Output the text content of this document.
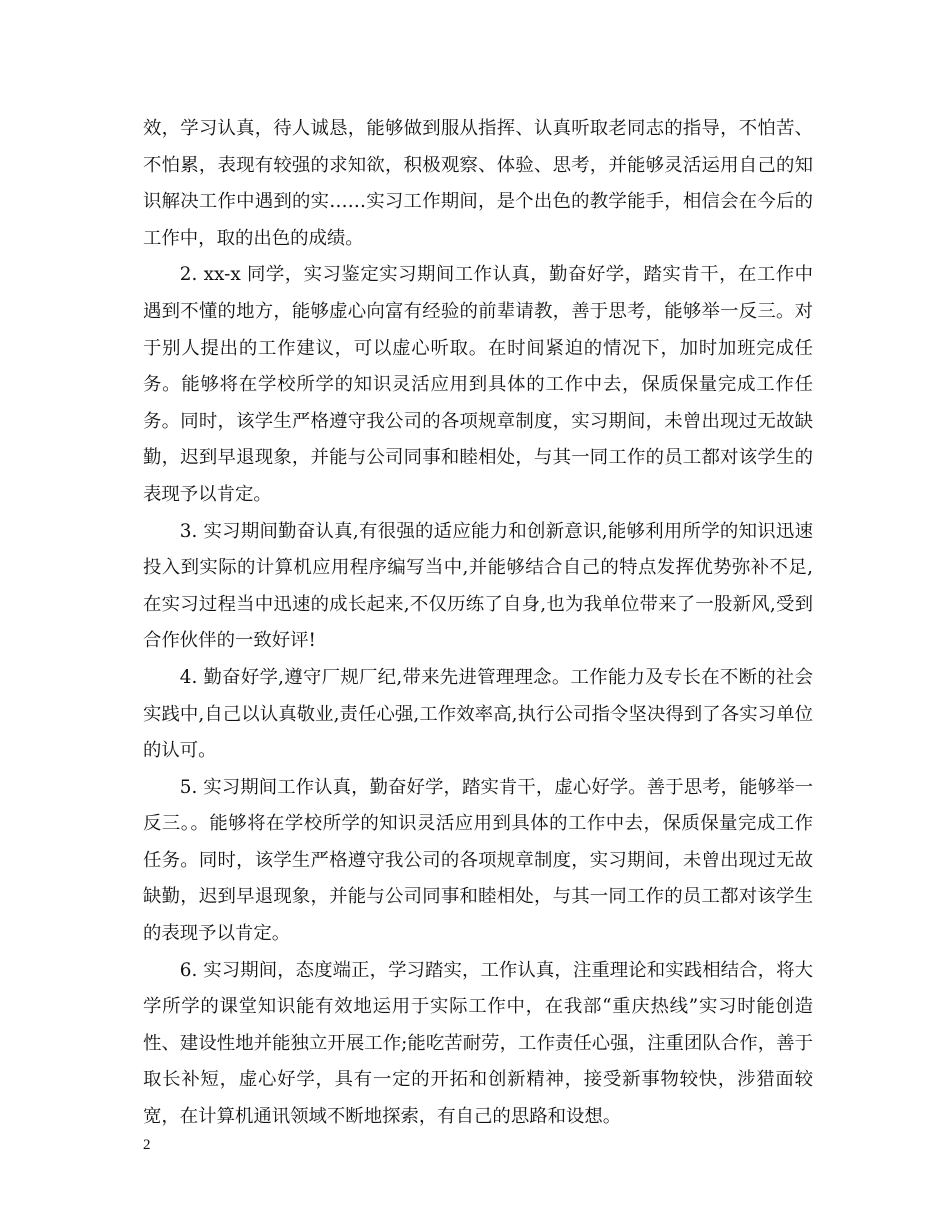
效，学习认真，待人诚恳，能够做到服从指挥、认真听取老同志的指导，不怕苦、不怕累，表现有较强的求知欲，积极观察、体验、思考，并能够灵活运用自己的知识解决工作中遇到的实……实习工作期间，是个出色的教学能手，相信会在今后的工作中，取的出色的成绩。

2. xx-x 同学，实习鉴定实习期间工作认真，勤奋好学，踏实肯干，在工作中遇到不懂的地方，能够虚心向富有经验的前辈请教，善于思考，能够举一反三。对于别人提出的工作建议，可以虚心听取。在时间紧迫的情况下，加时加班完成任务。能够将在学校所学的知识灵活应用到具体的工作中去，保质保量完成工作任务。同时，该学生严格遵守我公司的各项规章制度，实习期间，未曾出现过无故缺勤，迟到早退现象，并能与公司同事和睦相处，与其一同工作的员工都对该学生的表现予以肯定。

3. 实习期间勤奋认真,有很强的适应能力和创新意识,能够利用所学的知识迅速投入到实际的计算机应用程序编写当中,并能够结合自己的特点发挥优势弥补不足,在实习过程当中迅速的成长起来,不仅历练了自身,也为我单位带来了一股新风,受到合作伙伴的一致好评!

4. 勤奋好学,遵守厂规厂纪,带来先进管理理念。工作能力及专长在不断的社会实践中,自己以认真敬业,责任心强,工作效率高,执行公司指令坚决得到了各实习单位的认可。

5. 实习期间工作认真，勤奋好学，踏实肯干，虚心好学。善于思考，能够举一反三。。能够将在学校所学的知识灵活应用到具体的工作中去，保质保量完成工作任务。同时，该学生严格遵守我公司的各项规章制度，实习期间，未曾出现过无故缺勤，迟到早退现象，并能与公司同事和睦相处，与其一同工作的员工都对该学生的表现予以肯定。

6. 实习期间，态度端正，学习踏实，工作认真，注重理论和实践相结合，将大学所学的课堂知识能有效地运用于实际工作中，在我部“重庆热线”实习时能创造性、建设性地并能独立开展工作;能吃苦耐劳，工作责任心强，注重团队合作，善于取长补短，虚心好学，具有一定的开拓和创新精神，接受新事物较快，涉猎面较宽，在计算机通讯领域不断地探索，有自己的思路和设想。

2
